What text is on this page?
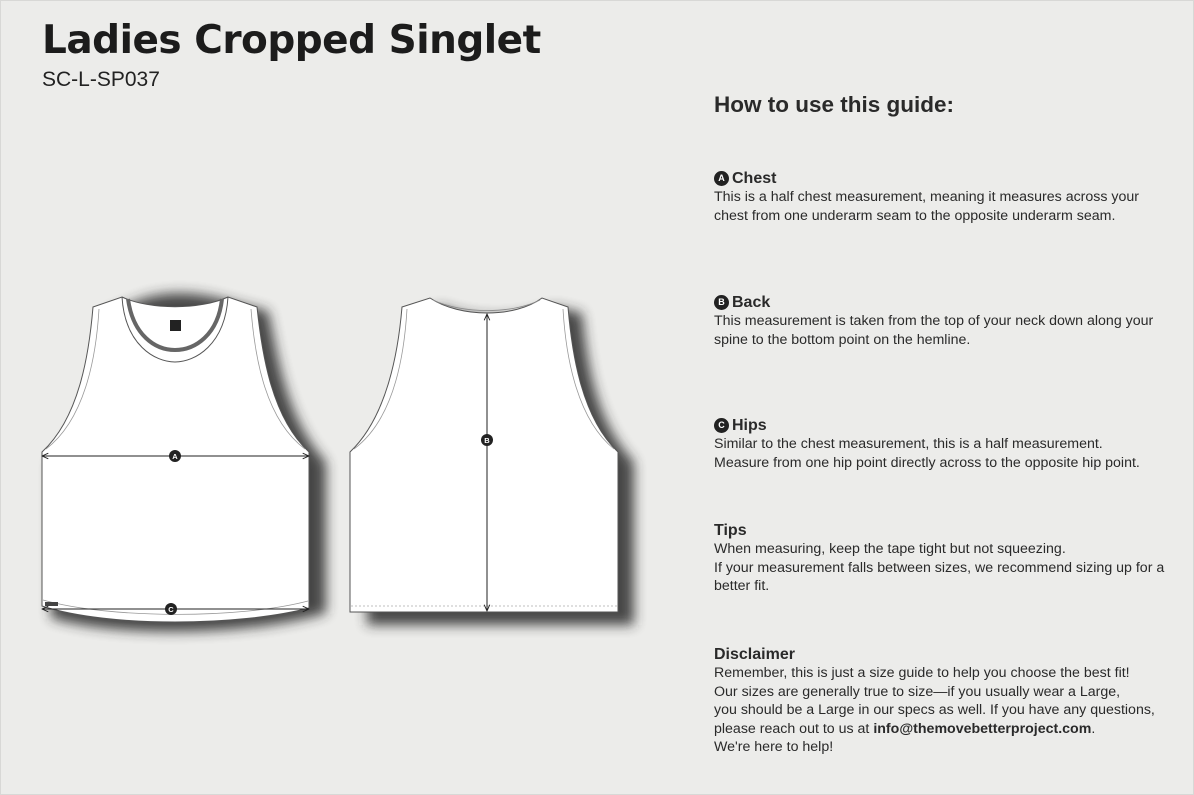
Ladies Cropped Singlet
SC-L-SP037
A
C
B
How to use this guide:
A Chest

This is a half chest measurement, meaning it measures across your
chest from one underarm seam to the opposite underarm seam.

B Back

This measurement is taken from the top of your neck down along your
spine to the bottom point on the hemline.

C Hips

Similar to the chest measurement, this is a half measurement.
Measure from one hip point directly across to the opposite hip point.

Tips

When measuring, keep the tape tight but not squeezing.
If your measurement falls between sizes, we recommend sizing up for a
better fit.

Disclaimer

Remember, this is just a size guide to help you choose the best fit!
Our sizes are generally true to size—if you usually wear a Large,
you should be a Large in our specs as well. If you have any questions,
please reach out to us at info@themovebetterproject.com.
We're here to help!
